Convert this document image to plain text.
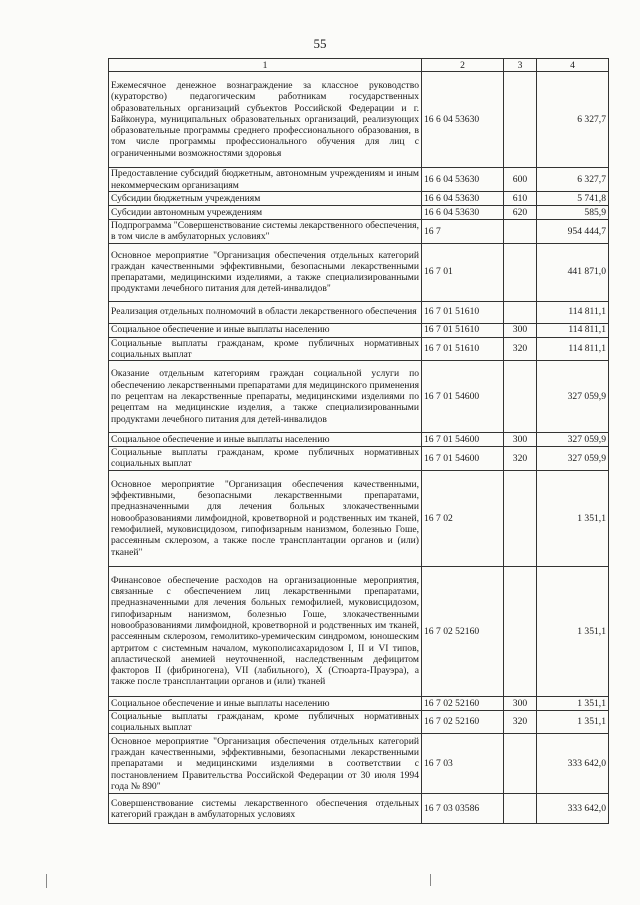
55
1	2	3	4
Ежемесячное денежное вознаграждение за классное руководство (кураторство) педагогическим работникам государственных образовательных организаций субъектов Российской Федерации и г. Байконура, муниципальных образовательных организаций, реализующих образовательные программы среднего профессионального образования, в том числе программы профессионального обучения для лиц с ограниченными возможностями здоровья	16 6 04 53630		6 327,7
Предоставление субсидий бюджетным, автономным учреждениям и иным некоммерческим организациям	16 6 04 53630	600	6 327,7
Субсидии бюджетным учреждениям	16 6 04 53630	610	5 741,8
Субсидии автономным учреждениям	16 6 04 53630	620	585,9
Подпрограмма "Совершенствование системы лекарственного обеспечения, в том числе в амбулаторных условиях"	16 7		954 444,7
Основное мероприятие "Организация обеспечения отдельных категорий граждан качественными эффективными, безопасными лекарственными препаратами, медицинскими изделиями, а также специализированными продуктами лечебного питания для детей-инвалидов"	16 7 01		441 871,0
Реализация отдельных полномочий в области лекарственного обеспечения	16 7 01 51610		114 811,1
Социальное обеспечение и иные выплаты населению	16 7 01 51610	300	114 811,1
Социальные выплаты гражданам, кроме публичных нормативных социальных выплат	16 7 01 51610	320	114 811,1
Оказание отдельным категориям граждан социальной услуги по обеспечению лекарственными препаратами для медицинского применения по рецептам на лекарственные препараты, медицинскими изделиями по рецептам на медицинские изделия, а также специализированными продуктами лечебного питания для детей-инвалидов	16 7 01 54600		327 059,9
Социальное обеспечение и иные выплаты населению	16 7 01 54600	300	327 059,9
Социальные выплаты гражданам, кроме публичных нормативных социальных выплат	16 7 01 54600	320	327 059,9
Основное мероприятие "Организация обеспечения качественными, эффективными, безопасными лекарственными препаратами, предназначенными для лечения больных злокачественными новообразованиями лимфоидной, кроветворной и родственных им тканей, гемофилией, муковисцидозом, гипофизарным нанизмом, болезнью Гоше, рассеянным склерозом, а также после трансплантации органов и (или) тканей"	16 7 02		1 351,1
Финансовое обеспечение расходов на организационные мероприятия, связанные с обеспечением лиц лекарственными препаратами, предназначенными для лечения больных гемофилией, муковисцидозом, гипофизарным нанизмом, болезнью Гоше, злокачественными новообразованиями лимфоидной, кроветворной и родственных им тканей, рассеянным склерозом, гемолитико-уремическим синдромом, юношеским артритом с системным началом, мукополисахаридозом I, II и VI типов, апластической анемией неуточненной, наследственным дефицитом факторов II (фибриногена), VII (лабильного), X (Стюарта-Прауэра), а также после трансплантации органов и (или) тканей	16 7 02 52160		1 351,1
Социальное обеспечение и иные выплаты населению	16 7 02 52160	300	1 351,1
Социальные выплаты гражданам, кроме публичных нормативных социальных выплат	16 7 02 52160	320	1 351,1
Основное мероприятие "Организация обеспечения отдельных категорий граждан качественными, эффективными, безопасными лекарственными препаратами и медицинскими изделиями в соответствии с постановлением Правительства Российской Федерации от 30 июля 1994 года № 890"	16 7 03		333 642,0
Совершенствование системы лекарственного обеспечения отдельных категорий граждан в амбулаторных условиях	16 7 03 03586		333 642,0
